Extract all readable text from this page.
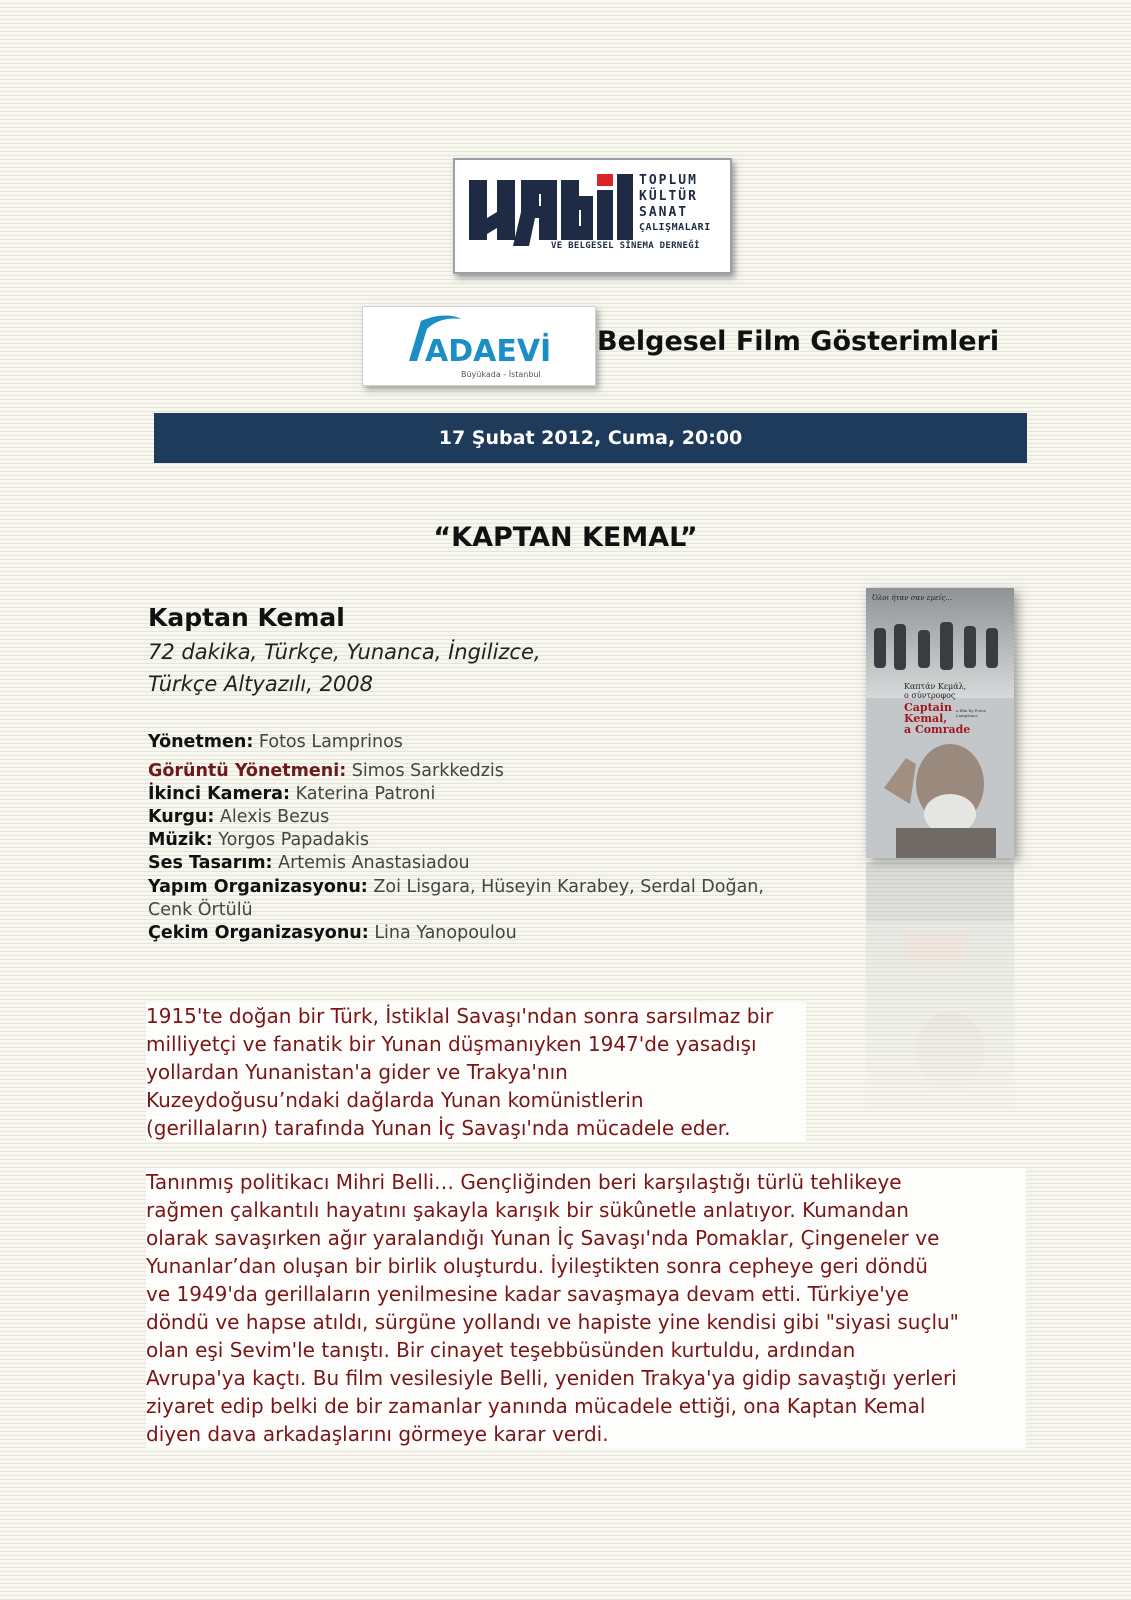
TOPLUM
KÜLTÜR
SANAT
ÇALIŞMALARI
VE BELGESEL SİNEMA DERNEĞİ
ADAEVİ
Büyükada - İstanbul
Belgesel Film Gösterimleri
17 Şubat 2012, Cuma, 20:00
“KAPTAN KEMAL”
Kaptan Kemal
72 dakika, Türkçe, Yunanca, İngilizce,
Türkçe Altyazılı, 2008
Yönetmen: Fotos Lamprinos
Görüntü Yönetmeni: Simos Sarkkedzis
İkinci Kamera: Katerina Patroni
Kurgu: Alexis Bezus
Müzik: Yorgos Papadakis
Ses Tasarım: Artemis Anastasiadou
Yapım Organizasyonu: Zoi Lisgara, Hüseyin Karabey, Serdal Doğan,
Cenk Örtülü
Çekim Organizasyonu: Lina Yanopoulou
Όλοι ήταν σαν εμείς...
Καπτάν Κεμάλ,
ο σύντροφος
Captain
Kemal,
a Comrade
a film by Fotos Lamprinos
1915'te doğan bir Türk, İstiklal Savaşı'ndan sonra sarsılmaz bir
milliyetçi ve fanatik bir Yunan düşmanıyken 1947'de yasadışı
yollardan Yunanistan'a gider ve Trakya'nın
Kuzeydoğusu’ndaki dağlarda Yunan komünistlerin
(gerillaların) tarafında Yunan İç Savaşı'nda mücadele eder.
Tanınmış politikacı Mihri Belli… Gençliğinden beri karşılaştığı türlü tehlikeye
rağmen çalkantılı hayatını şakayla karışık bir sükûnetle anlatıyor. Kumandan
olarak savaşırken ağır yaralandığı Yunan İç Savaşı'nda Pomaklar, Çingeneler ve
Yunanlar’dan oluşan bir birlik oluşturdu. İyileştikten sonra cepheye geri döndü
ve 1949'da gerillaların yenilmesine kadar savaşmaya devam etti. Türkiye'ye
döndü ve hapse atıldı, sürgüne yollandı ve hapiste yine kendisi gibi "siyasi suçlu"
olan eşi Sevim'le tanıştı. Bir cinayet teşebbüsünden kurtuldu, ardından
Avrupa'ya kaçtı. Bu film vesilesiyle Belli, yeniden Trakya'ya gidip savaştığı yerleri
ziyaret edip belki de bir zamanlar yanında mücadele ettiği, ona Kaptan Kemal
diyen dava arkadaşlarını görmeye karar verdi.
